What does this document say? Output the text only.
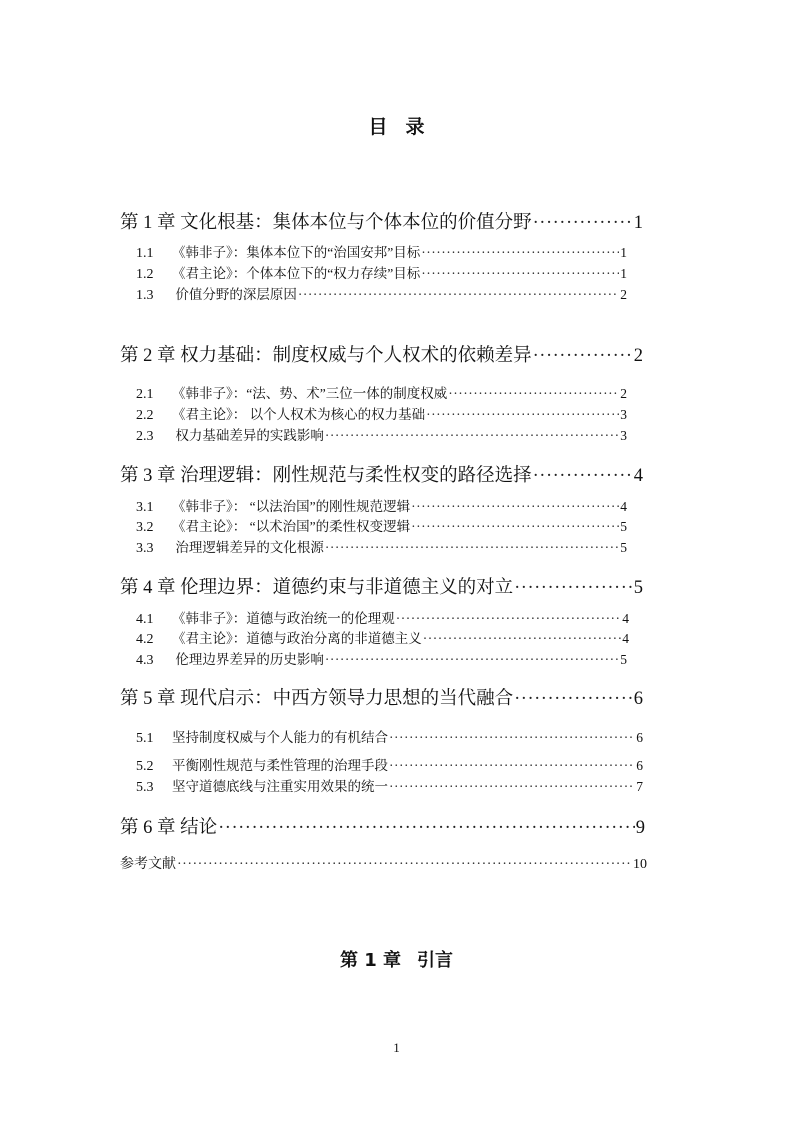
目 录
第 1 章 文化根基：集体本位与个体本位的价值分野 ·····	1
1.1 《韩非子》：集体本位下的“治国安邦”目标 ·····	1
1.2 《君主论》：个体本位下的“权力存续”目标 ·····	1
1.3 价值分野的深层原因 ·····	2
第 2 章 权力基础：制度权威与个人权术的依赖差异 ·····	2
2.1 《韩非子》：“法、势、术”三位一体的制度权威 ·····	2
2.2 《君主论》： 以个人权术为核心的权力基础 ·····	3
2.3 权力基础差异的实践影响 ·····	3
第 3 章 治理逻辑：刚性规范与柔性权变的路径选择 ·····	4
3.1 《韩非子》： “以法治国”的刚性规范逻辑 ·····	4
3.2 《君主论》： “以术治国”的柔性权变逻辑 ·····	5
3.3 治理逻辑差异的文化根源 ·····	5
第 4 章 伦理边界：道德约束与非道德主义的对立 ·····	5
4.1 《韩非子》：道德与政治统一的伦理观 ·····	4
4.2 《君主论》：道德与政治分离的非道德主义 ·····	4
4.3 伦理边界差异的历史影响 ·····	5
第 5 章 现代启示：中西方领导力思想的当代融合 ·····	6
5.1 坚持制度权威与个人能力的有机结合 ·····	6
5.2 平衡刚性规范与柔性管理的治理手段 ·····	6
5.3 坚守道德底线与注重实用效果的统一 ·····	7
第 6 章 结论 ·····	9
参考文献 ·····	10
第 1 章 引言
1
